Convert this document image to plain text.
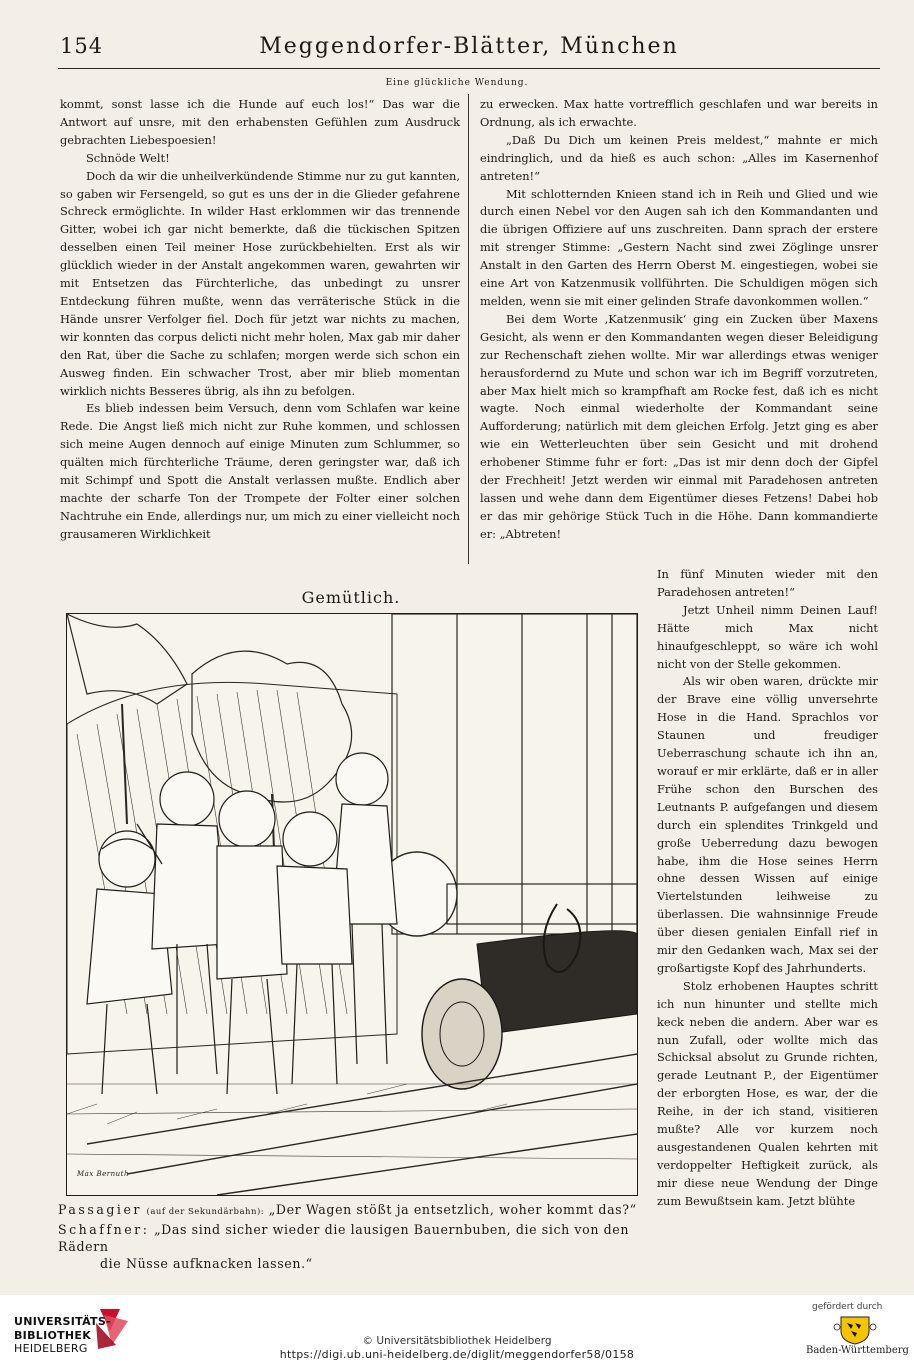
154	Meggendorfer-Blätter, München
Eine glückliche Wendung.

kommt, sonst lasse ich die Hunde auf euch los!“ Das war die Antwort auf unsre, mit den erhabensten Gefühlen zum Ausdruck gebrachten Liebespoesien!

Schnöde Welt!

Doch da wir die unheilverkündende Stimme nur zu gut kannten, so gaben wir Fersengeld, so gut es uns der in die Glieder gefahrene Schreck ermöglichte. In wilder Hast erklommen wir das trennende Gitter, wobei ich gar nicht bemerkte, daß die tückischen Spitzen desselben einen Teil meiner Hose zurückbehielten. Erst als wir glücklich wieder in der Anstalt angekommen waren, gewahrten wir mit Entsetzen das Fürchterliche, das unbedingt zu unsrer Entdeckung führen mußte, wenn das verräterische Stück in die Hände unsrer Verfolger fiel. Doch für jetzt war nichts zu machen, wir konnten das corpus delicti nicht mehr holen, Max gab mir daher den Rat, über die Sache zu schlafen; morgen werde sich schon ein Ausweg finden. Ein schwacher Trost, aber mir blieb momentan wirklich nichts Besseres übrig, als ihn zu befolgen.

Es blieb indessen beim Versuch, denn vom Schlafen war keine Rede. Die Angst ließ mich nicht zur Ruhe kommen, und schlossen sich meine Augen dennoch auf einige Minuten zum Schlummer, so quälten mich fürchterliche Träume, deren geringster war, daß ich mit Schimpf und Spott die Anstalt verlassen mußte. Endlich aber machte der scharfe Ton der Trompete der Folter einer solchen Nachtruhe ein Ende, allerdings nur, um mich zu einer vielleicht noch grausameren Wirklichkeit

zu erwecken. Max hatte vortrefflich geschlafen und war bereits in Ordnung, als ich erwachte.

„Daß Du Dich um keinen Preis meldest,“ mahnte er mich eindringlich, und da hieß es auch schon: „Alles im Kasernenhof antreten!“

Mit schlotternden Knieen stand ich in Reih und Glied und wie durch einen Nebel vor den Augen sah ich den Kommandanten und die übrigen Offiziere auf uns zuschreiten. Dann sprach der erstere mit strenger Stimme: „Gestern Nacht sind zwei Zöglinge unsrer Anstalt in den Garten des Herrn Oberst M. eingestiegen, wobei sie eine Art von Katzenmusik vollführten. Die Schuldigen mögen sich melden, wenn sie mit einer gelinden Strafe davonkommen wollen.“

Bei dem Worte ‚Katzenmusik‘ ging ein Zucken über Maxens Gesicht, als wenn er den Kommandanten wegen dieser Beleidigung zur Rechenschaft ziehen wollte. Mir war allerdings etwas weniger herausfordernd zu Mute und schon war ich im Begriff vorzutreten, aber Max hielt mich so krampfhaft am Rocke fest, daß ich es nicht wagte. Noch einmal wiederholte der Kommandant seine Aufforderung; natürlich mit dem gleichen Erfolg. Jetzt ging es aber wie ein Wetterleuchten über sein Gesicht und mit drohend erhobener Stimme fuhr er fort: „Das ist mir denn doch der Gipfel der Frechheit! Jetzt werden wir einmal mit Paradehosen antreten lassen und wehe dann dem Eigentümer dieses Fetzens! Dabei hob er das mir gehörige Stück Tuch in die Höhe. Dann kommandierte er: „Abtreten!

In fünf Minuten wieder mit den Paradehosen antreten!“

Jetzt Unheil nimm Deinen Lauf! Hätte mich Max nicht hinaufgeschleppt, so wäre ich wohl nicht von der Stelle gekommen.

Als wir oben waren, drückte mir der Brave eine völlig unversehrte Hose in die Hand. Sprachlos vor Staunen und freudiger Ueberraschung schaute ich ihn an, worauf er mir erklärte, daß er in aller Frühe schon den Burschen des Leutnants P. aufgefangen und diesem durch ein splendites Trinkgeld und große Ueberredung dazu bewogen habe, ihm die Hose seines Herrn ohne dessen Wissen auf einige Viertelstunden leihweise zu überlassen. Die wahnsinnige Freude über diesen genialen Einfall rief in mir den Gedanken wach, Max sei der großartigste Kopf des Jahrhunderts.

Stolz erhobenen Hauptes schritt ich nun hinunter und stellte mich keck neben die andern. Aber war es nun Zufall, oder wollte mich das Schicksal absolut zu Grunde richten, gerade Leutnant P., der Eigentümer der erborgten Hose, es war, der die Reihe, in der ich stand, visitieren mußte? Alle vor kurzem noch ausgestandenen Qualen kehrten mit verdoppelter Heftigkeit zurück, als mir diese neue Wendung der Dinge zum Bewußtsein kam. Jetzt blühte

Gemütlich.
Max Bernuth
Passagier (auf der Sekundärbahn): „Der Wagen stößt ja entsetzlich, woher kommt das?“
Schaffner: „Das sind sicher wieder die lausigen Bauernbuben, die sich von den Rädern
die Nüsse aufknacken lassen.“
UNIVERSITÄTS-
BIBLIOTHEK
HEIDELBERG
© Universitätsbibliothek Heidelberg
https://digi.ub.uni-heidelberg.de/diglit/meggendorfer58/0158
gefördert durch
Baden-Württemberg
